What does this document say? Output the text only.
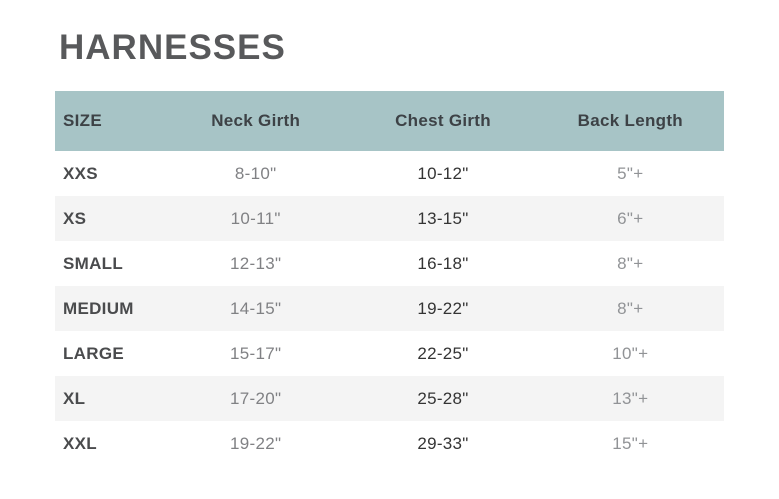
HARNESSES
SIZE	Neck Girth	Chest Girth	Back Length
XXS	8-10"	10-12"	5"+
XS	10-11"	13-15"	6"+
SMALL	12-13"	16-18"	8"+
MEDIUM	14-15"	19-22"	8"+
LARGE	15-17"	22-25"	10"+
XL	17-20"	25-28"	13"+
XXL	19-22"	29-33"	15"+
